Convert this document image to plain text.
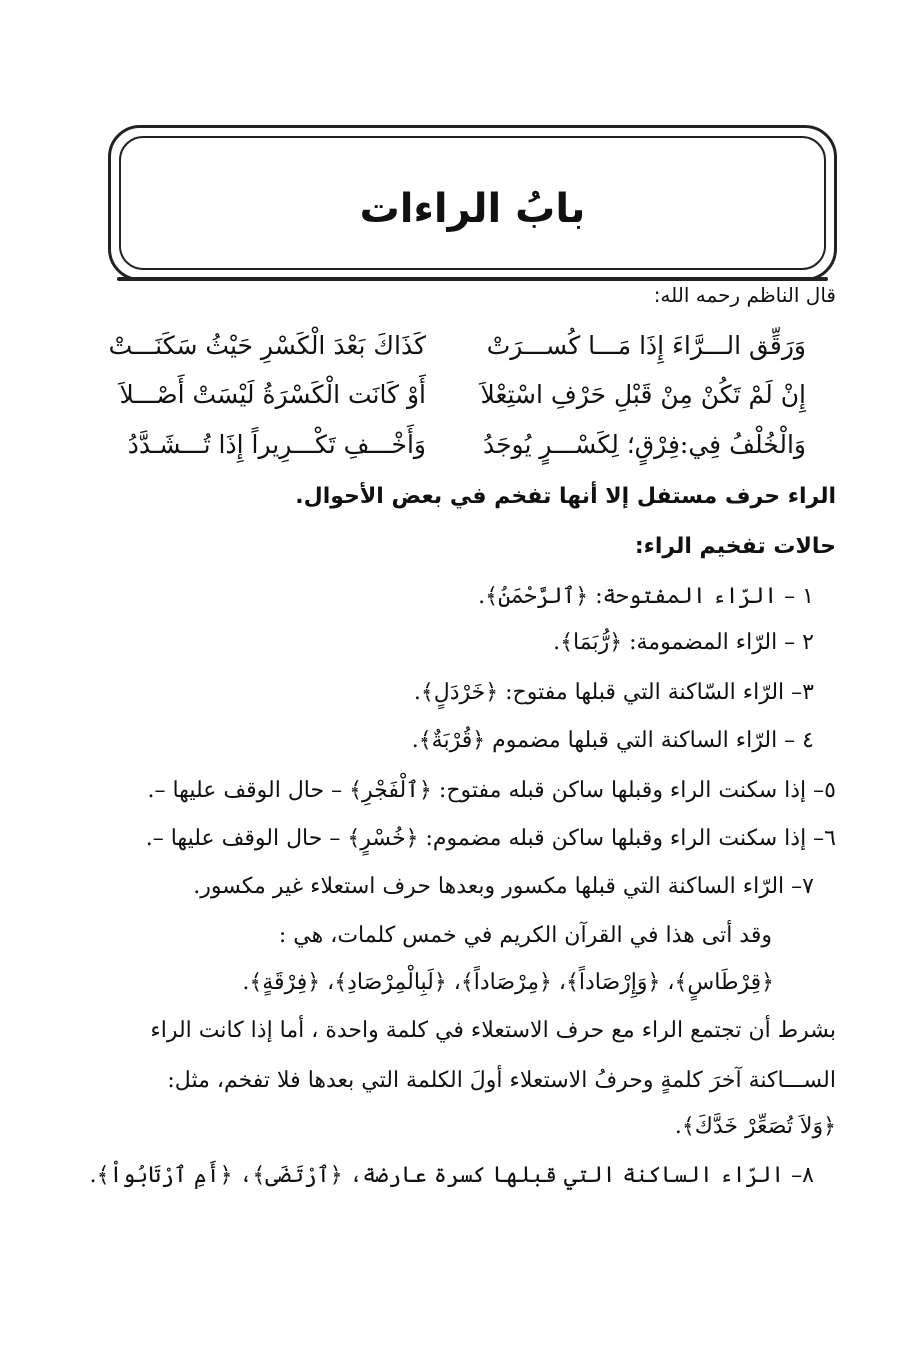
بابُ الراءات
قال الناظم رحمه الله:
وَرَقِّق الـــرَّاءَ إِذَا مَـــا كُســـرَتْ
كَذَاكَ بَعْدَ الْكَسْرِ حَيْثُ سَكَنَـــتْ
إِنْ لَمْ تَكُنْ مِنْ قَبْلِ حَرْفِ اسْتِعْلاَ
أَوْ كَانَت الْكَسْرَةُ لَيْسَتْ أَصْـــلاَ
وَالْخُلْفُ فِي:فِرْقٍ؛ لِكَسْـــرٍ يُوجَدُ
وَأَخْـــفِ تَكْـــرِيراً إِذَا تُـــشَـدَّدُ
الراء حرف مستفل إلا أنها تفخم في بعض الأحوال.
حالات تفخيم الراء:
١ – الرّاء المفتوحة: ﴿ٱلرَّحْمَنُ﴾.
٢ – الرّاء المضمومة: ﴿رُّبَمَا﴾.
٣– الرّاء السّاكنة التي قبلها مفتوح: ﴿خَرْدَلٍ﴾.
٤ – الرّاء الساكنة التي قبلها مضموم ﴿قُرْبَةٌ﴾.
٥– إذا سكنت الراء وقبلها ساكن قبله مفتوح: ﴿ٱلْفَجْرِ﴾ – حال الوقف عليها –.
٦– إذا سكنت الراء وقبلها ساكن قبله مضموم: ﴿خُسْرٍ﴾ – حال الوقف عليها –.
٧– الرّاء الساكنة التي قبلها مكسور وبعدها حرف استعلاء غير مكسور.
وقد أتى هذا في القرآن الكريم في خمس كلمات، هي :
﴿قِرْطَاسٍ﴾، ﴿وَإِرْصَاداً﴾، ﴿مِرْصَاداً﴾، ﴿لَبِالْمِرْصَادِ﴾، ﴿فِرْقَةٍ﴾.
بشرط أن تجتمع الراء مع حرف الاستعلاء في كلمة واحدة ، أما إذا كانت الراء
الســـاكنة آخرَ كلمةٍ وحرفُ الاستعلاء أولَ الكلمة التي بعدها فلا تفخم، مثل:
﴿وَلاَ تُصَعِّرْ خَدَّكَ﴾.
٨– الرّاء الساكنة التي قبلها كسرة عارضة، ﴿ٱرْتَضَى﴾، ﴿أَمِ ٱرْتَابُواْ﴾.
